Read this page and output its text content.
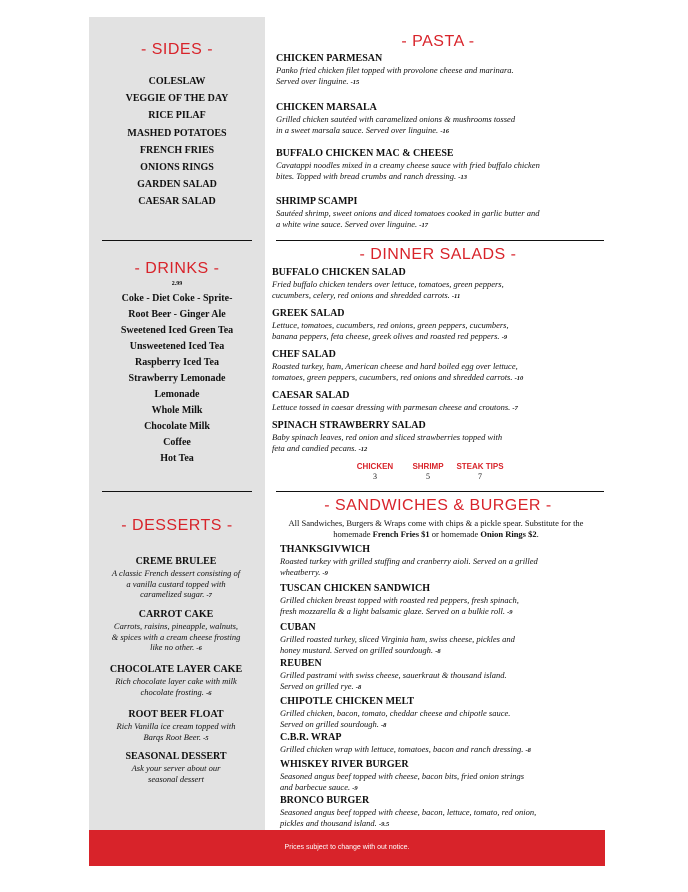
- SIDES -
COLESLAW
VEGGIE OF THE DAY
RICE PILAF
MASHED POTATOES
FRENCH FRIES
ONIONS RINGS
GARDEN SALAD
CAESAR SALAD
- DRINKS -
2.99
Coke - Diet Coke - Sprite-
Root Beer - Ginger Ale
Sweetened Iced Green Tea
Unsweetened Iced Tea
Raspberry Iced Tea
Strawberry Lemonade
Lemonade
Whole Milk
Chocolate Milk
Coffee
Hot Tea
- DESSERTS -
CREME BRULEE
A classic French dessert consisting of
a vanilla custard topped with
caramelized sugar. -7
CARROT CAKE
Carrots, raisins, pineapple, walnuts,
& spices with a cream cheese frosting
like no other. -6
CHOCOLATE LAYER CAKE
Rich chocolate layer cake with milk
chocolate frosting. -6
ROOT BEER FLOAT
Rich Vanilla ice cream topped with
Barqs Root Beer. -5
SEASONAL DESSERT
Ask your server about our
seasonal dessert
- PASTA -
CHICKEN PARMESAN
Panko fried chicken filet topped with provolone cheese and marinara.
Served over linguine. -15
CHICKEN MARSALA
Grilled chicken sautéed with caramelized onions & mushrooms tossed
in a sweet marsala sauce. Served over linguine. -16
BUFFALO CHICKEN MAC & CHEESE
Cavatappi noodles mixed in a creamy cheese sauce with fried buffalo chicken
bites. Topped with bread crumbs and ranch dressing. -13
SHRIMP SCAMPI
Sautéed shrimp, sweet onions and diced tomatoes cooked in garlic butter and
a white wine sauce. Served over linguine. -17
- DINNER SALADS -
BUFFALO CHICKEN SALAD
Fried buffalo chicken tenders over lettuce, tomatoes, green peppers,
cucumbers, celery, red onions and shredded carrots. -11
GREEK SALAD
Lettuce, tomatoes, cucumbers, red onions, green peppers, cucumbers,
banana peppers, feta cheese, greek olives and roasted red peppers. -9
CHEF SALAD
Roasted turkey, ham, American cheese and hard boiled egg over lettuce,
tomatoes, green peppers, cucumbers, red onions and shredded carrots. -10
CAESAR SALAD
Lettuce tossed in caesar dressing with parmesan cheese and croutons. -7
SPINACH STRAWBERRY SALAD
Baby spinach leaves, red onion and sliced strawberries topped with
feta and candied pecans. -12
CHICKEN
3
SHRIMP
5
STEAK TIPS
7
- SANDWICHES & BURGER -
All Sandwiches, Burgers & Wraps come with chips & a pickle spear. Substitute for the
homemade French Fries $1 or homemade Onion Rings $2.
THANKSGIVWICH
Roasted turkey with grilled stuffing and cranberry aioli. Served on a grilled
wheatberry. -9
TUSCAN CHICKEN SANDWICH
Grilled chicken breast topped with roasted red peppers, fresh spinach,
fresh mozzarella & a light balsamic glaze. Served on a bulkie roll. -9
CUBAN
Grilled roasted turkey, sliced Virginia ham, swiss cheese, pickles and
honey mustard. Served on grilled sourdough. -8
REUBEN
Grilled pastrami with swiss cheese, sauerkraut & thousand island.
Served on grilled rye. -8
CHIPOTLE CHICKEN MELT
Grilled chicken, bacon, tomato, cheddar cheese and chipotle sauce.
Served on grilled sourdough. -8
C.B.R. WRAP
Grilled chicken wrap with lettuce, tomatoes, bacon and ranch dressing. -8
WHISKEY RIVER BURGER
Seasoned angus beef topped with cheese, bacon bits, fried onion strings
and barbecue sauce. -9
BRONCO BURGER
Seasoned angus beef topped with cheese, bacon, lettuce, tomato, red onion,
pickles and thousand island. -9.5
Prices subject to change with out notice.
